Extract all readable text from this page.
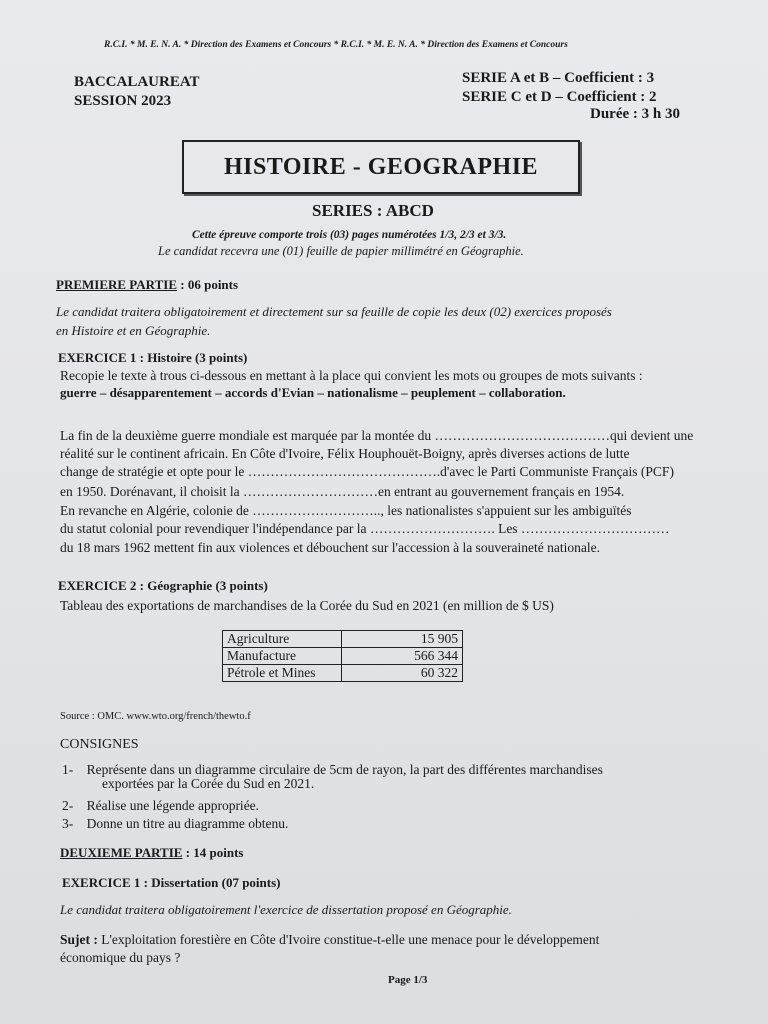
R.C.I. * M. E. N. A. * Direction des Examens et Concours * R.C.I. * M. E. N. A. * Direction des Examens et Concours
BACCALAUREAT
SESSION 2023
SERIE A et B – Coefficient : 3
SERIE C et D – Coefficient : 2
Durée : 3 h 30
HISTOIRE - GEOGRAPHIE
SERIES : ABCD
Cette épreuve comporte trois (03) pages numérotées 1/3, 2/3 et 3/3.
Le candidat recevra une (01) feuille de papier millimétré en Géographie.
PREMIERE PARTIE : 06 points
Le candidat traitera obligatoirement et directement sur sa feuille de copie les deux (02) exercices proposés
en Histoire et en Géographie.
EXERCICE 1 : Histoire (3 points)
Recopie le texte à trous ci-dessous en mettant à la place qui convient les mots ou groupes de mots suivants :
guerre – désapparentement – accords d'Evian – nationalisme – peuplement – collaboration.
La fin de la deuxième guerre mondiale est marquée par la montée du …………………………………qui devient une
réalité sur le continent africain. En Côte d'Ivoire, Félix Houphouët-Boigny, après diverses actions de lutte
change de stratégie et opte pour le …………………………………….d'avec le Parti Communiste Français (PCF)
en 1950. Dorénavant, il choisit la …………………………en entrant au gouvernement français en 1954.
En revanche en Algérie, colonie de ……………………….., les nationalistes s'appuient sur les ambiguïtés
du statut colonial pour revendiquer l'indépendance par la ………………………. Les ……………………………
du 18 mars 1962 mettent fin aux violences et débouchent sur l'accession à la souveraineté nationale.
EXERCICE 2 : Géographie (3 points)
Tableau des exportations de marchandises de la Corée du Sud en 2021 (en million de $ US)
Agriculture	15 905
Manufacture	566 344
Pétrole et Mines	60 322
Source : OMC. www.wto.org/french/thewto.f
CONSIGNES
1- Représente dans un diagramme circulaire de 5cm de rayon, la part des différentes marchandises
exportées par la Corée du Sud en 2021.
2- Réalise une légende appropriée.
3- Donne un titre au diagramme obtenu.
DEUXIEME PARTIE : 14 points
EXERCICE 1 : Dissertation (07 points)
Le candidat traitera obligatoirement l'exercice de dissertation proposé en Géographie.
Sujet : L'exploitation forestière en Côte d'Ivoire constitue-t-elle une menace pour le développement
économique du pays ?
Page 1/3
